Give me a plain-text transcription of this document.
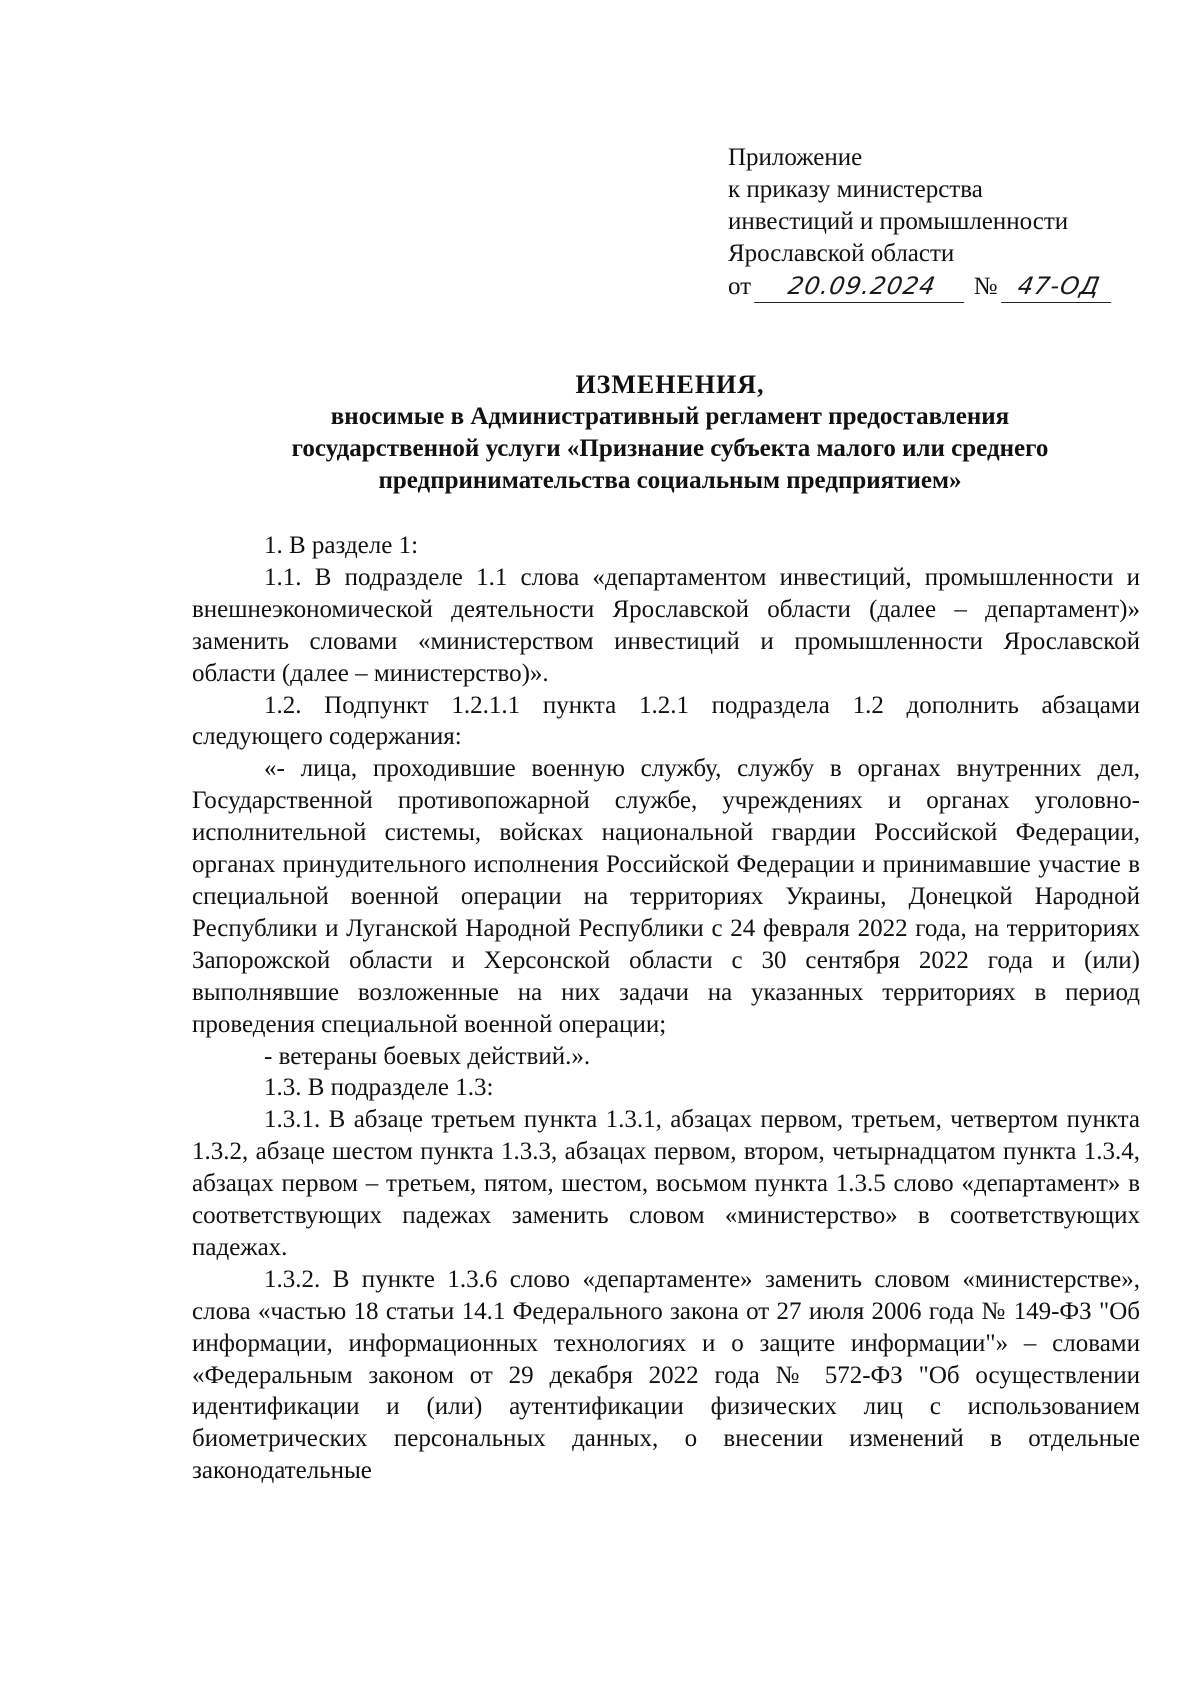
Приложение
к приказу министерства
инвестиций и промышленности
Ярославской области
от 20.09.2024 № 47-ОД
ИЗМЕНЕНИЯ,
вносимые в Административный регламент предоставления
государственной услуги «Признание субъекта малого или среднего
предпринимательства социальным предприятием»

1. В разделе 1:

1.1. В подразделе 1.1 слова «департаментом инвестиций, промышленности и внешнеэкономической деятельности Ярославской области (далее – департамент)» заменить словами «министерством инвестиций и промышленности Ярославской области (далее – министерство)».

1.2. Подпункт 1.2.1.1 пункта 1.2.1 подраздела 1.2 дополнить абзацами следующего содержания:

«- лица, проходившие военную службу, службу в органах внутренних дел, Государственной противопожарной службе, учреждениях и органах уголовно-исполнительной системы, войсках национальной гвардии Российской Федерации, органах принудительного исполнения Российской Федерации и принимавшие участие в специальной военной операции на территориях Украины, Донецкой Народной Республики и Луганской Народной Республики с 24 февраля 2022 года, на территориях Запорожской области и Херсонской области с 30 сентября 2022 года и (или) выполнявшие возложенные на них задачи на указанных территориях в период проведения специальной военной операции;

- ветераны боевых действий.».

1.3. В подразделе 1.3:

1.3.1. В абзаце третьем пункта 1.3.1, абзацах первом, третьем, четвертом пункта 1.3.2, абзаце шестом пункта 1.3.3, абзацах первом, втором, четырнадцатом пункта 1.3.4, абзацах первом – третьем, пятом, шестом, восьмом пункта 1.3.5 слово «департамент» в соответствующих падежах заменить словом «министерство» в соответствующих падежах.

1.3.2. В пункте 1.3.6 слово «департаменте» заменить словом «министерстве», слова «частью 18 статьи 14.1 Федерального закона от 27 июля 2006 года № 149-ФЗ "Об информации, информационных технологиях и о защите информации"» – словами «Федеральным законом от 29 декабря 2022 года № 572-ФЗ "Об осуществлении идентификации и (или) аутентификации физических лиц с использованием биометрических персональных данных, о внесении изменений в отдельные законодательные
